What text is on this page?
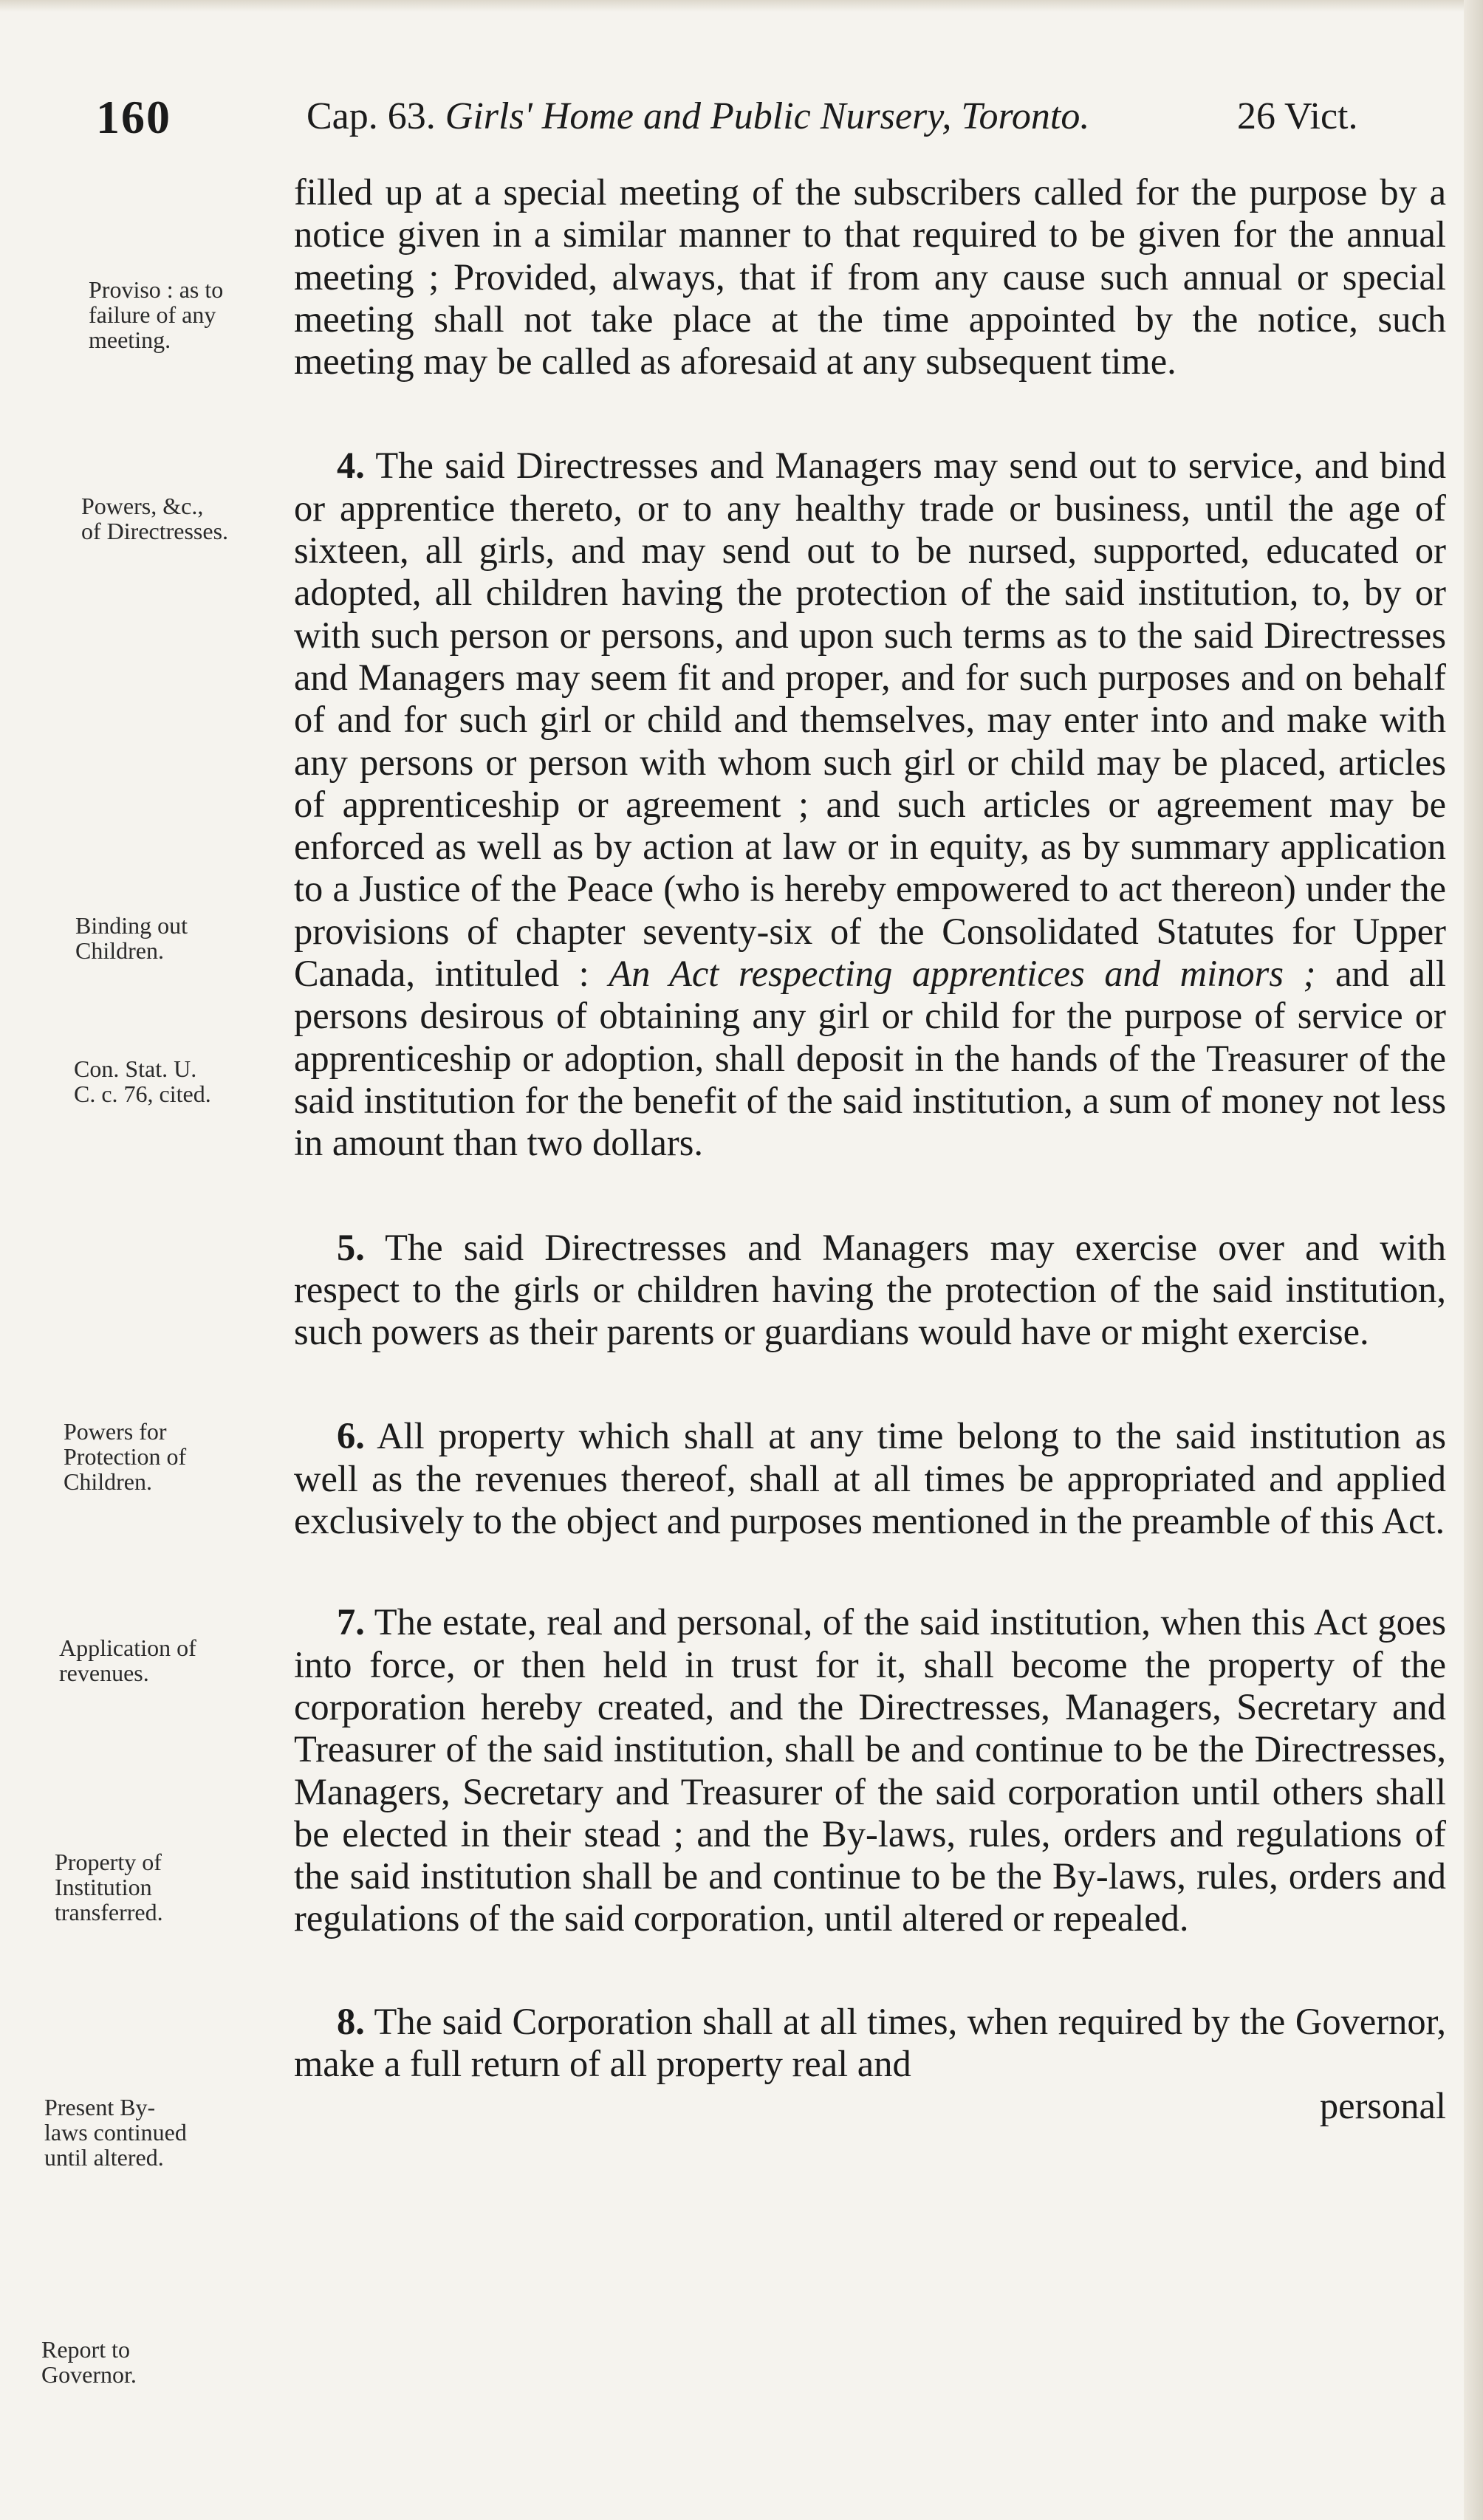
160	Cap. 63. Girls' Home and Public Nursery, Toronto.	26 Vict.
Proviso : as to
failure of any
meeting.
Powers, &c.,
of Directresses.
Binding out
Children.
Con. Stat. U.
C. c. 76, cited.
Powers for
Protection of
Children.
Application of
revenues.
Property of
Institution
transferred.
Present By-
laws continued
until altered.
Report to
Governor.

filled up at a special meeting of the subscribers called for the purpose by a notice given in a similar manner to that required to be given for the annual meeting ; Provided, always, that if from any cause such annual or special meeting shall not take place at the time appointed by the notice, such meeting may be called as aforesaid at any subsequent time.

4. The said Directresses and Managers may send out to service, and bind or apprentice thereto, or to any healthy trade or business, until the age of sixteen, all girls, and may send out to be nursed, supported, educated or adopted, all children having the protection of the said institution, to, by or with such person or persons, and upon such terms as to the said Directresses and Managers may seem fit and proper, and for such purposes and on behalf of and for such girl or child and themselves, may enter into and make with any persons or person with whom such girl or child may be placed, articles of apprenticeship or agreement ; and such articles or agreement may be enforced as well as by action at law or in equity, as by summary application to a Justice of the Peace (who is hereby empowered to act thereon) under the provisions of chapter seventy-six of the Consolidated Statutes for Upper Canada, intituled : An Act respecting apprentices and minors ; and all persons desirous of obtaining any girl or child for the purpose of service or apprenticeship or adoption, shall deposit in the hands of the Treasurer of the said institution for the benefit of the said institution, a sum of money not less in amount than two dollars.

5. The said Directresses and Managers may exercise over and with respect to the girls or children having the protection of the said institution, such powers as their parents or guardians would have or might exercise.

6. All property which shall at any time belong to the said institution as well as the revenues thereof, shall at all times be appropriated and applied exclusively to the object and purposes mentioned in the preamble of this Act.

7. The estate, real and personal, of the said institution, when this Act goes into force, or then held in trust for it, shall become the property of the corporation hereby created, and the Directresses, Managers, Secretary and Treasurer of the said institution, shall be and continue to be the Directresses, Managers, Secretary and Treasurer of the said corporation until others shall be elected in their stead ; and the By-laws, rules, orders and regulations of the said institution shall be and continue to be the By-laws, rules, orders and regulations of the said corporation, until altered or repealed.

8. The said Corporation shall at all times, when required by the Governor, make a full return of all property real and

personal
